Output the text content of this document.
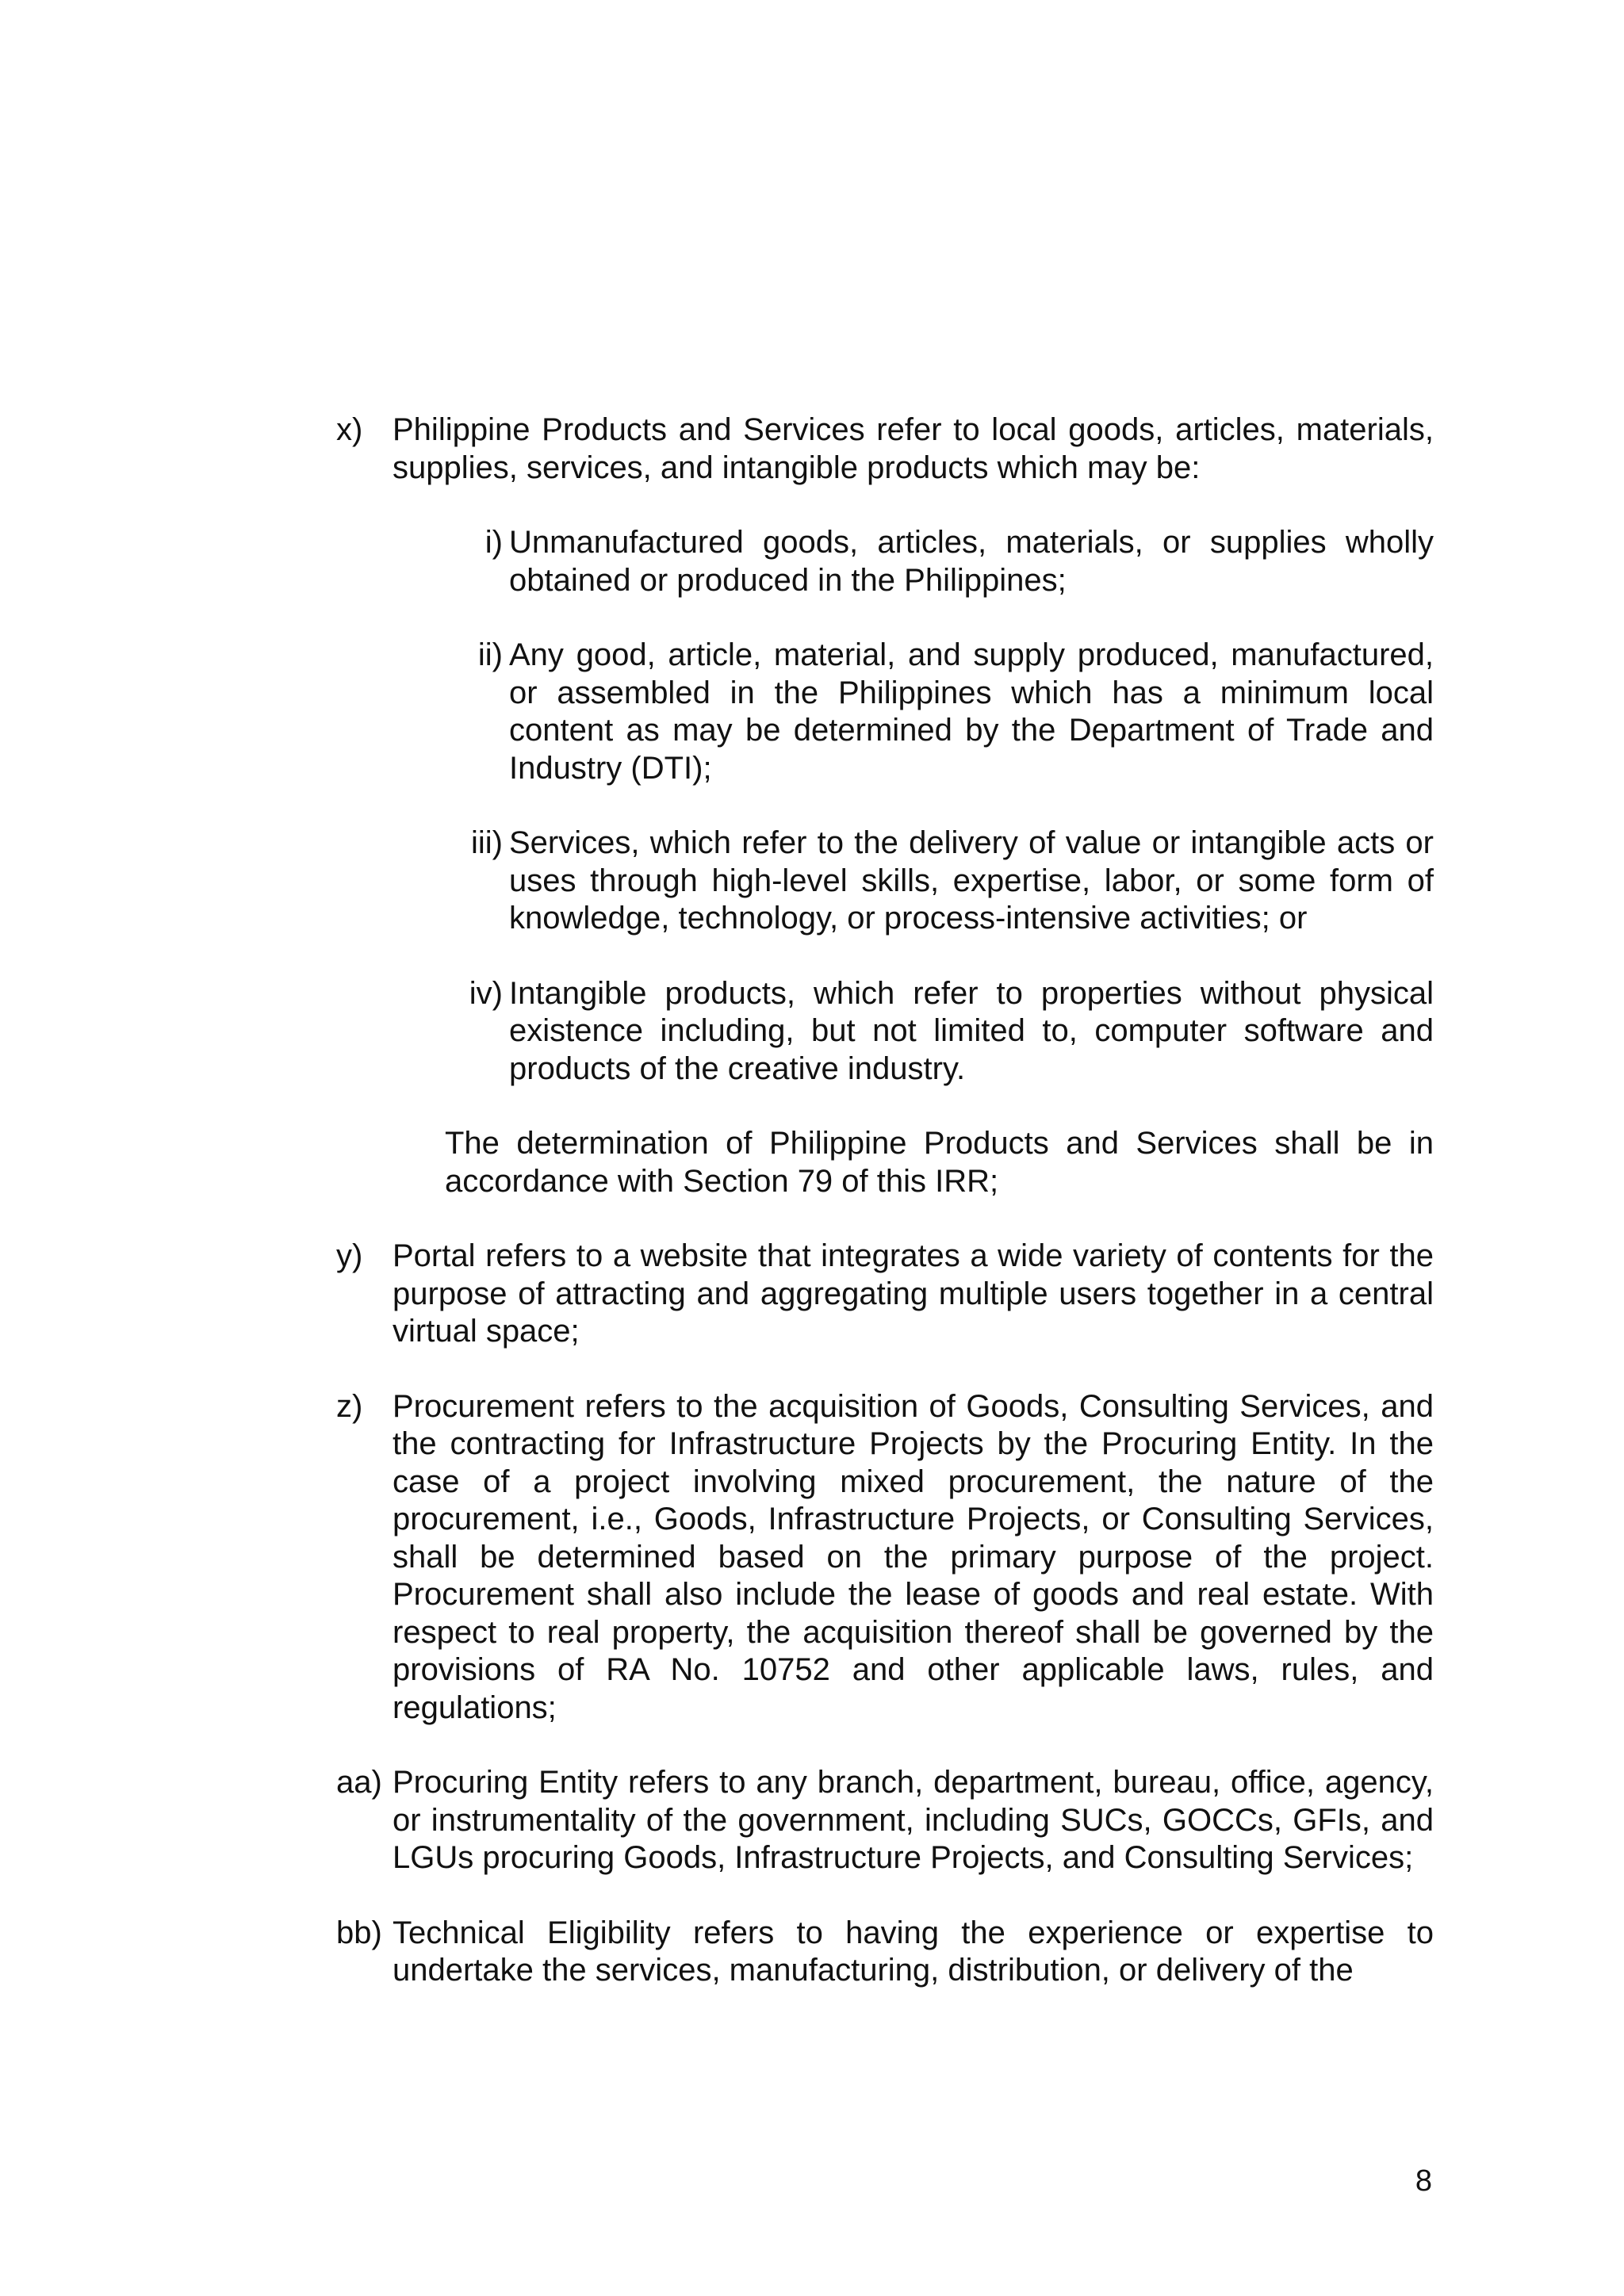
x) Philippine Products and Services refer to local goods, articles, materials, supplies, services, and intangible products which may be:
i) Unmanufactured goods, articles, materials, or supplies wholly obtained or produced in the Philippines;
ii) Any good, article, material, and supply produced, manufactured, or assembled in the Philippines which has a minimum local content as may be determined by the Department of Trade and Industry (DTI);
iii) Services, which refer to the delivery of value or intangible acts or uses through high-level skills, expertise, labor, or some form of knowledge, technology, or process-intensive activities; or
iv) Intangible products, which refer to properties without physical existence including, but not limited to, computer software and products of the creative industry.
The determination of Philippine Products and Services shall be in accordance with Section 79 of this IRR;
y) Portal refers to a website that integrates a wide variety of contents for the purpose of attracting and aggregating multiple users together in a central virtual space;
z) Procurement refers to the acquisition of Goods, Consulting Services, and the contracting for Infrastructure Projects by the Procuring Entity. In the case of a project involving mixed procurement, the nature of the procurement, i.e., Goods, Infrastructure Projects, or Consulting Services, shall be determined based on the primary purpose of the project. Procurement shall also include the lease of goods and real estate. With respect to real property, the acquisition thereof shall be governed by the provisions of RA No. 10752 and other applicable laws, rules, and regulations;
aa) Procuring Entity refers to any branch, department, bureau, office, agency, or instrumentality of the government, including SUCs, GOCCs, GFIs, and LGUs procuring Goods, Infrastructure Projects, and Consulting Services;
bb) Technical Eligibility refers to having the experience or expertise to undertake the services, manufacturing, distribution, or delivery of the
8
